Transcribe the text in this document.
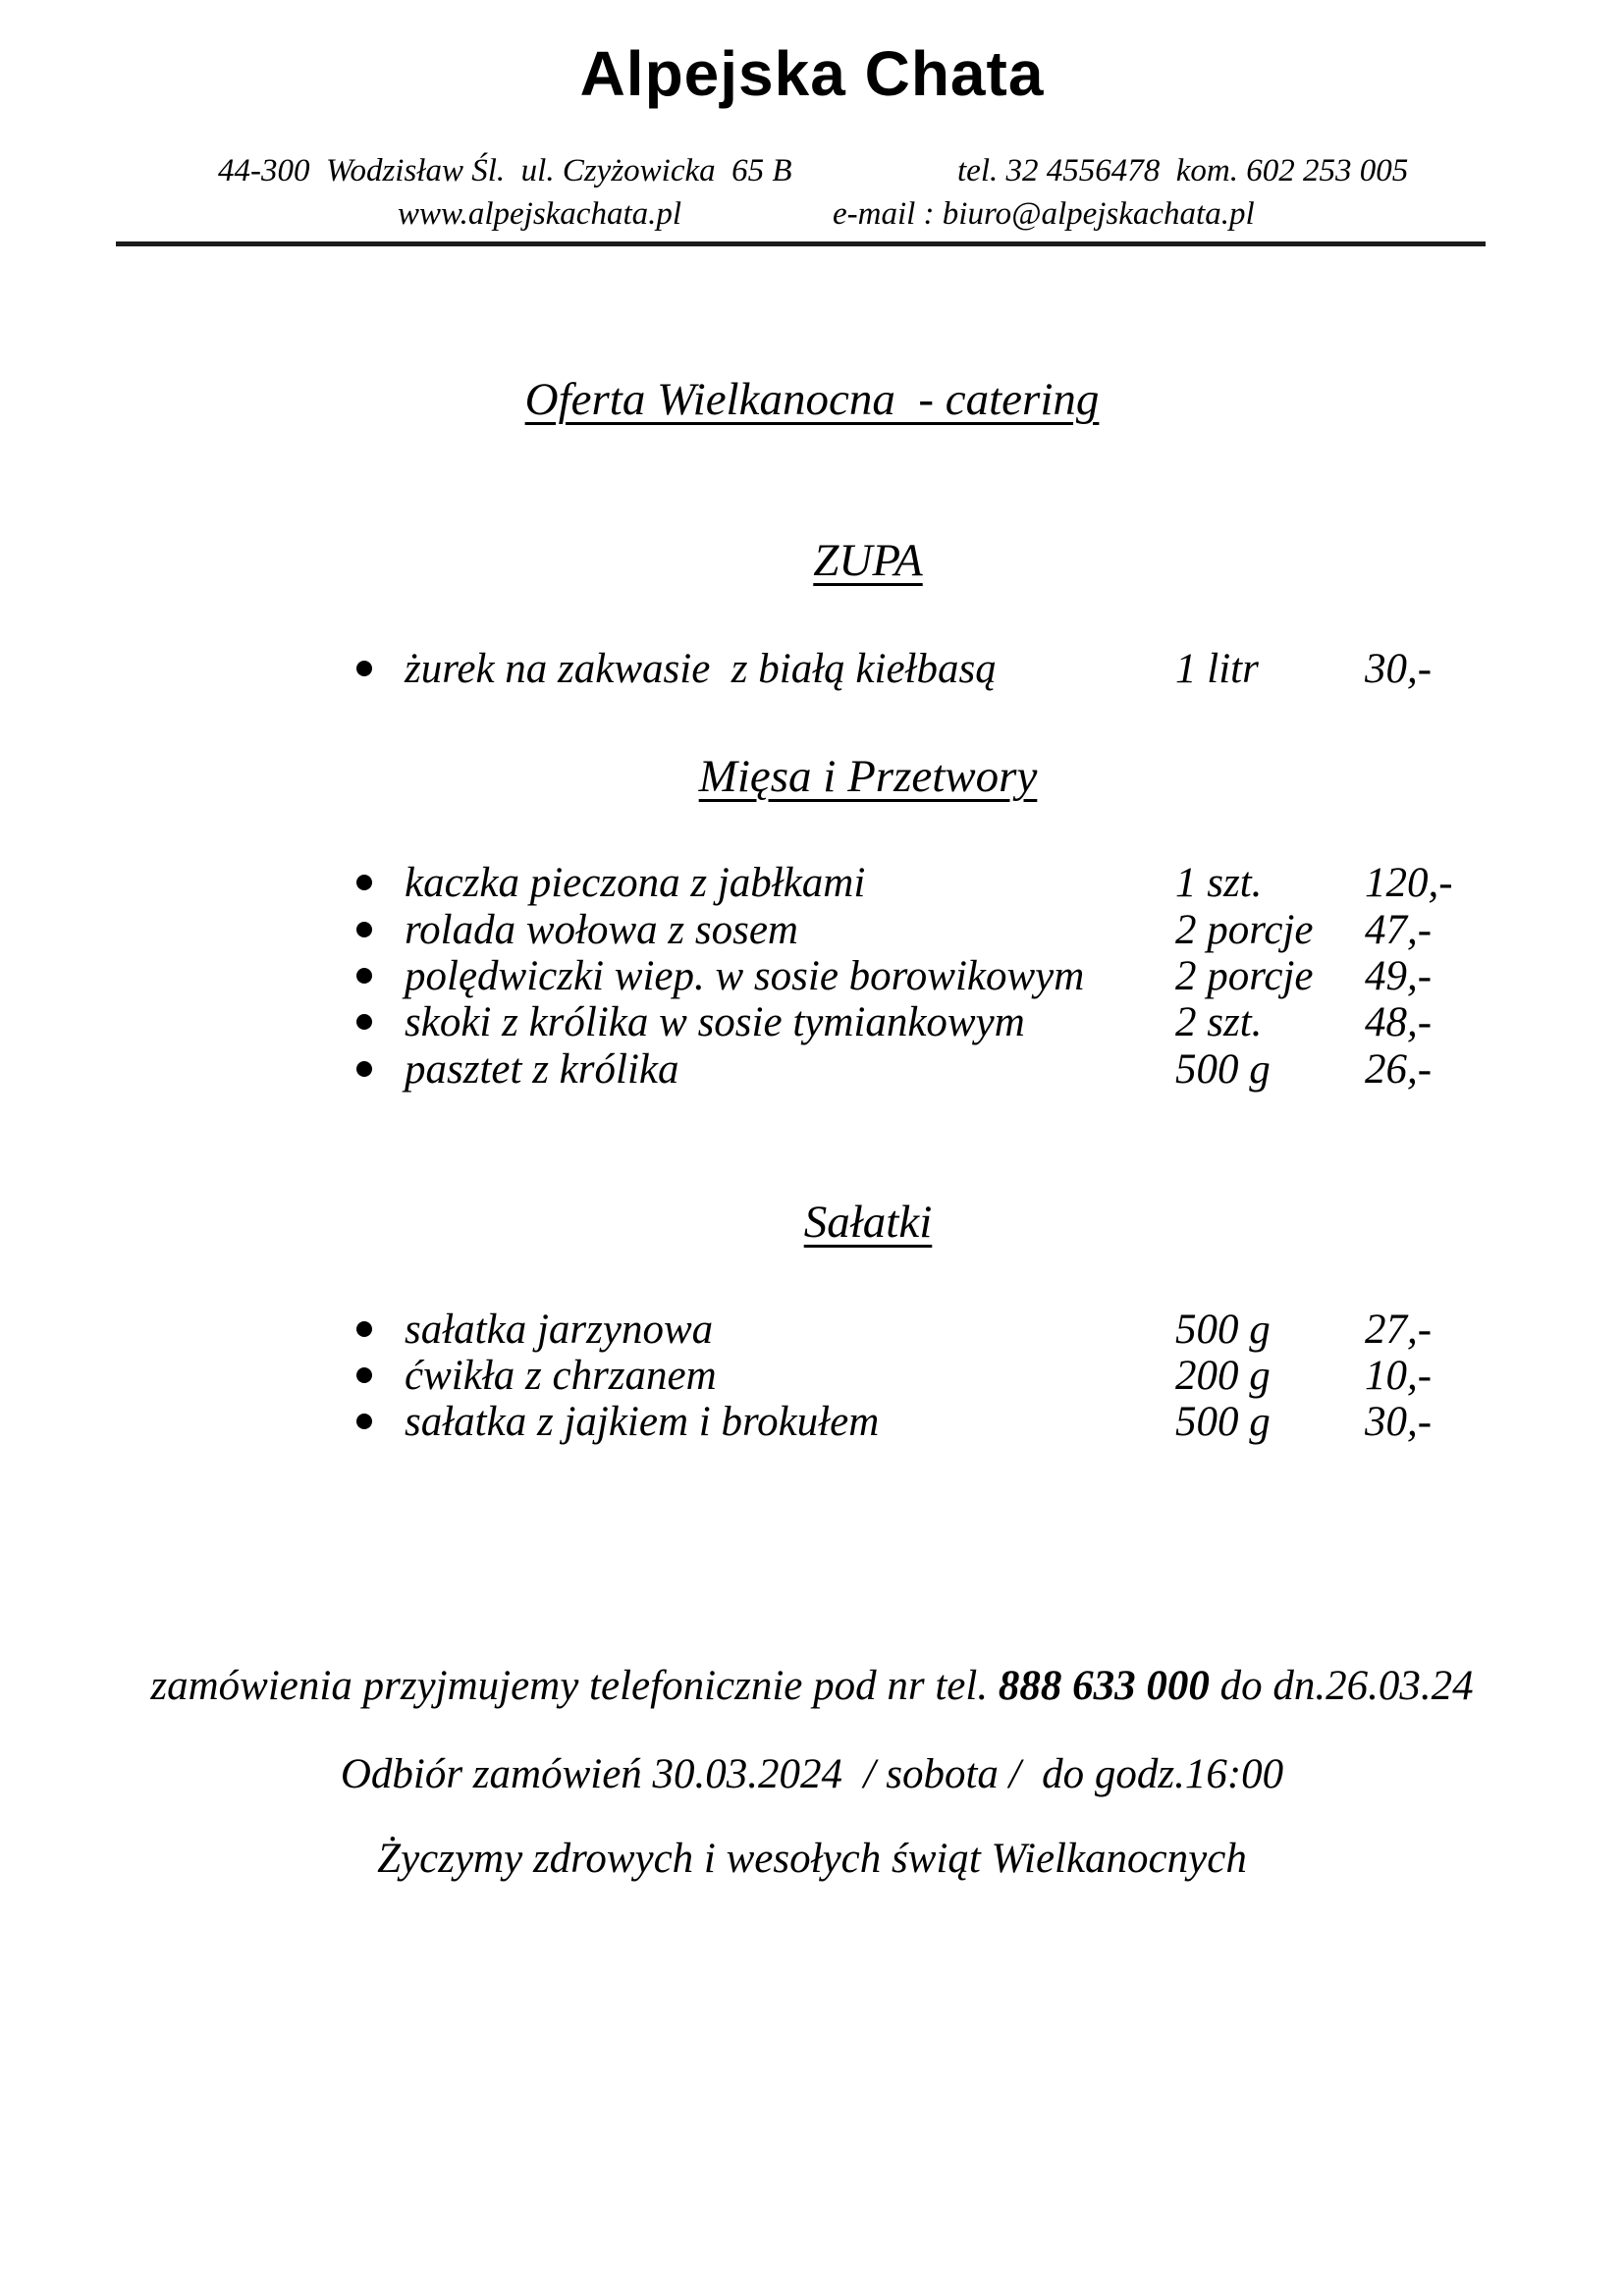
Alpejska Chata
44-300  Wodzisław Śl.  ul. Czyżowicka  65 B	tel. 32 4556478  kom. 602 253 005
www.alpejskachata.pl	e-mail : biuro@alpejskachata.pl
Oferta Wielkanocna  - catering
ZUPA
żurek na zakwasie  z białą kiełbasą	1 litr	30,-
Mięsa i Przetwory
kaczka pieczona z jabłkami	1 szt. 120,-
rolada wołowa z sosem	2 porcje 47,-
polędwiczki wiep. w sosie borowikowym 2 porcje 49,-
skoki z królika w sosie tymiankowym	2 szt. 48,-
pasztet z królika	500 g 26,-
Sałatki
sałatka jarzynowa	500 g 27,-
ćwikła z chrzanem	200 g 10,-
sałatka z jajkiem i brokułem	500 g 30,-
zamówienia przyjmujemy telefonicznie pod nr tel. 888 633 000 do dn.26.03.24
Odbiór zamówień 30.03.2024  / sobota /  do godz.16:00
Życzymy zdrowych i wesołych świąt Wielkanocnych
